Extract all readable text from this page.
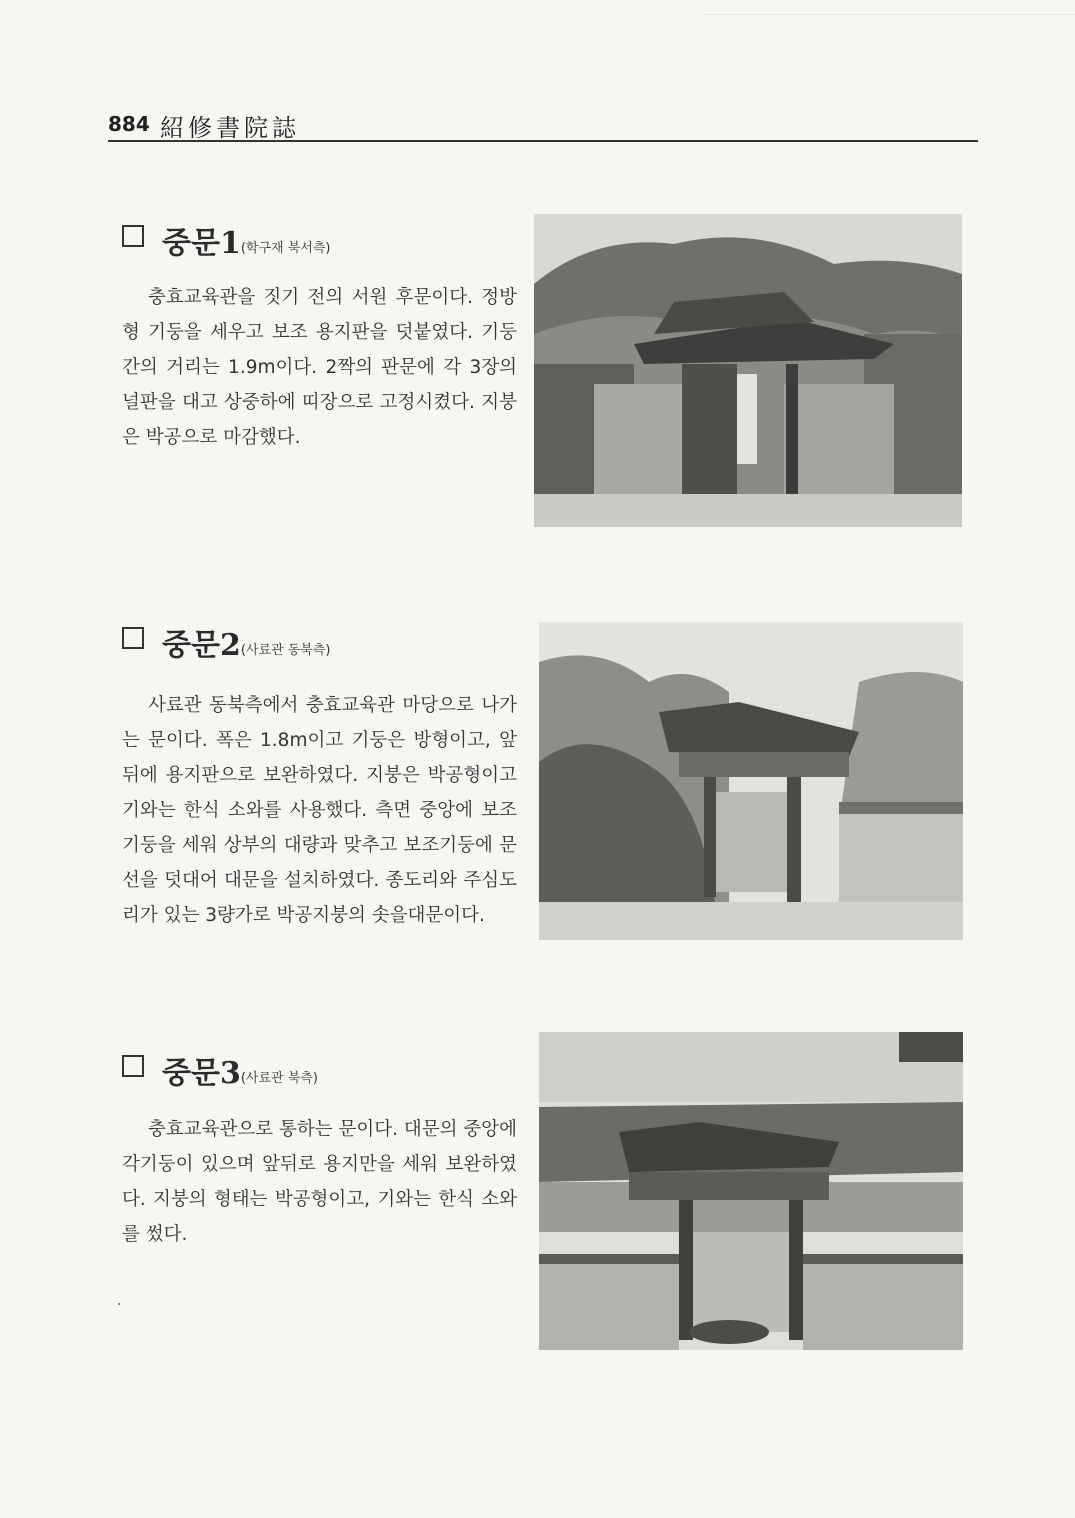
884 紹修書院誌
중문$1_{(학구재 북서측)}$
충효교육관을 짓기 전의 서원 후문이다. 정방형 기둥을 세우고 보조 용지판을 덧붙였다. 기둥간의 거리는 1.9m이다. 2짝의 판문에 각 3장의 널판을 대고 상중하에 띠장으로 고정시켰다. 지붕은 박공으로 마감했다.
중문$2_{(사료관 동북측)}$
사료관 동북측에서 충효교육관 마당으로 나가는 문이다. 폭은 1.8m이고 기둥은 방형이고, 앞뒤에 용지판으로 보완하였다. 지붕은 박공형이고 기와는 한식 소와를 사용했다. 측면 중앙에 보조기둥을 세워 상부의 대량과 맞추고 보조기둥에 문선을 덧대어 대문을 설치하였다. 종도리와 주심도리가 있는 3량가로 박공지붕의 솟을대문이다.
중문$3_{(사료관 북측)}$
충효교육관으로 통하는 문이다. 대문의 중앙에 각기둥이 있으며 앞뒤로 용지만을 세워 보완하였다. 지붕의 형태는 박공형이고, 기와는 한식 소와를 썼다.
